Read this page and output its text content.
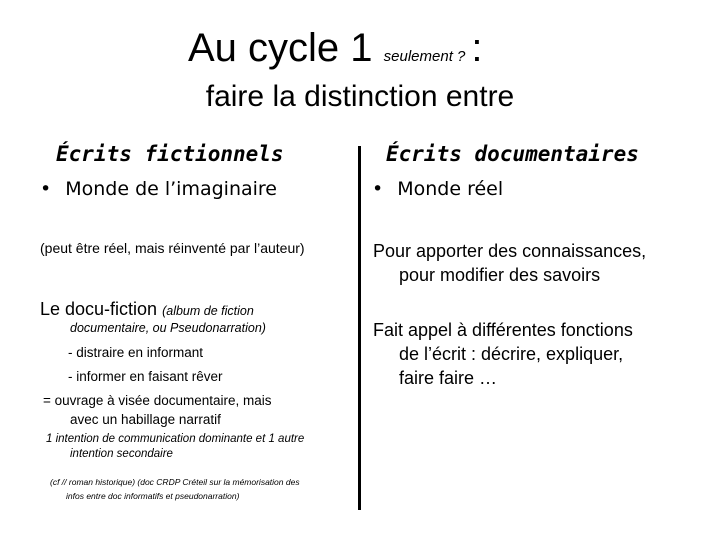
Au cycle 1 seulement ? :
faire la distinction entre
Écrits fictionnels
• Monde de l’imaginaire
(peut être réel, mais réinventé par l’auteur)
Le docu-fiction (album de fiction
documentaire, ou Pseudonarration)
- distraire en informant
- informer en faisant rêver
= ouvrage à visée documentaire, mais
avec un habillage narratif
1 intention de communication dominante et 1 autre
intention secondaire
(cf // roman historique) (doc CRDP Créteil sur la mémorisation des
infos entre doc informatifs et pseudonarration)
Écrits documentaires
• Monde réel
Pour apporter des connaissances,
pour modifier des savoirs
Fait appel à différentes fonctions
de l’écrit : décrire, expliquer,
faire faire …
